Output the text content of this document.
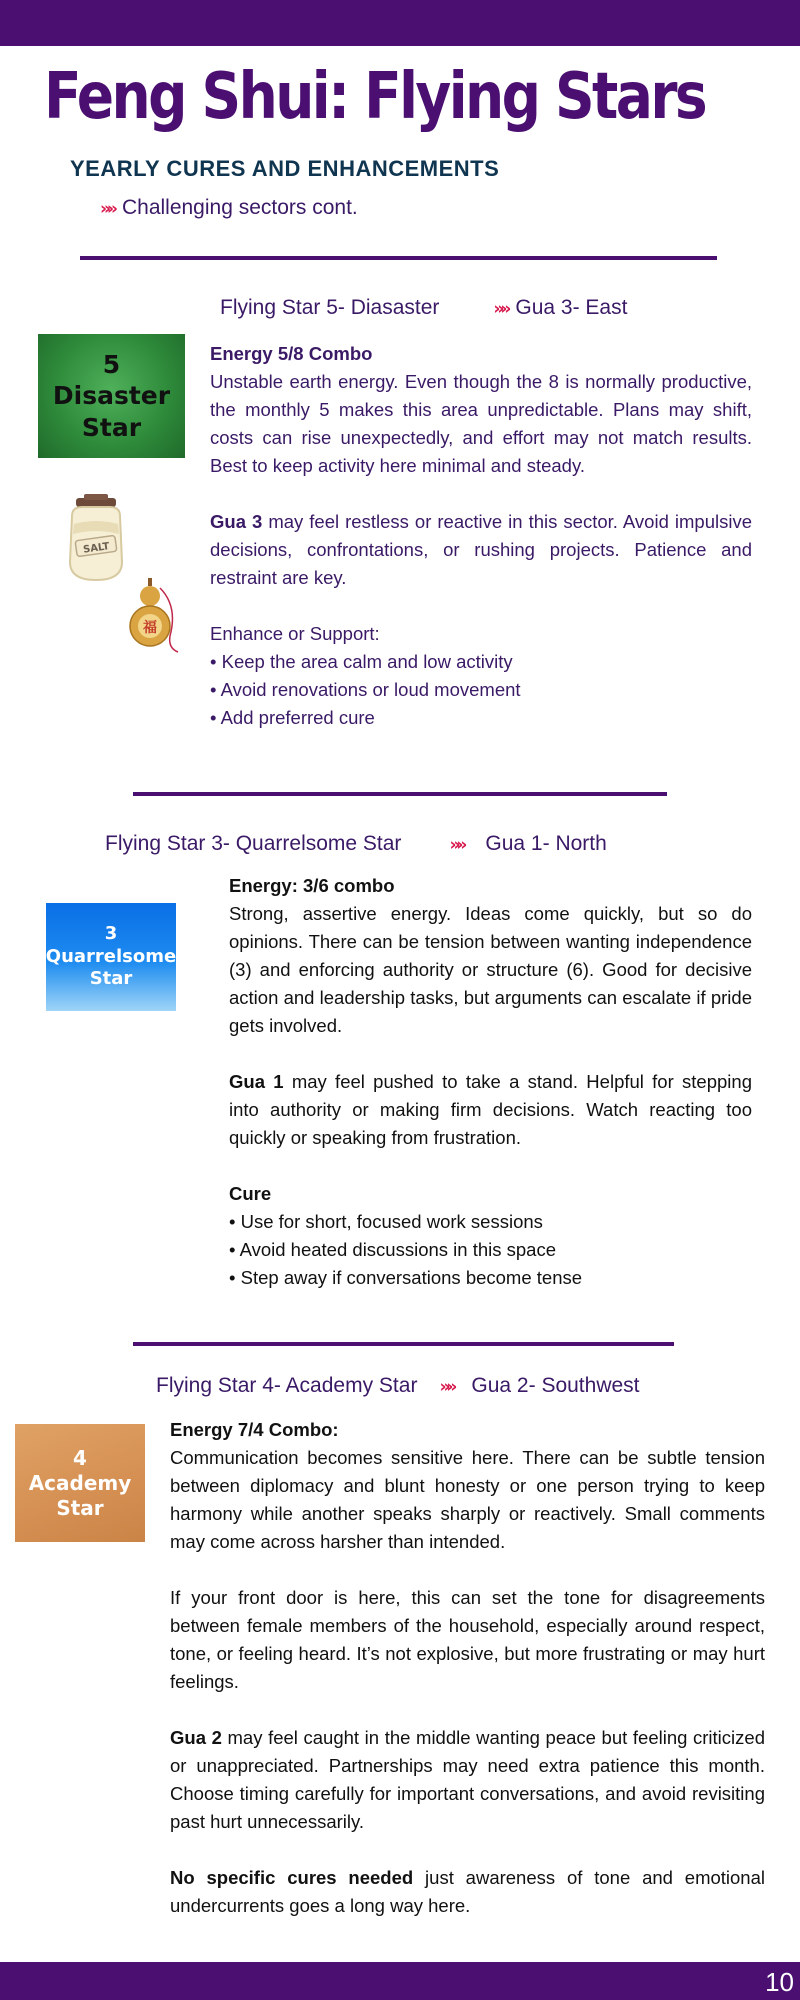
Feng Shui: Flying Stars
YEARLY CURES AND ENHANCEMENTS
»» Challenging sectors cont.
Flying Star 5- Diasaster	»» Gua 3- East
5
Disaster
Star
SALT
福
Energy 5/8 Combo

Unstable earth energy. Even though the 8 is normally productive, the monthly 5 makes this area unpredictable. Plans may shift, costs can rise unexpectedly, and effort may not match results. Best to keep activity here minimal and steady.

Gua 3 may feel restless or reactive in this sector. Avoid impulsive decisions, confrontations, or rushing projects. Patience and restraint are key.

Enhance or Support:
• Keep the area calm and low activity
• Avoid renovations or loud movement
• Add preferred cure
Flying Star 3- Quarrelsome Star	»» Gua 1- North
3
Quarrelsome
Star
Energy: 3/6 combo

Strong, assertive energy. Ideas come quickly, but so do opinions. There can be tension between wanting independence (3) and enforcing authority or structure (6). Good for decisive action and leadership tasks, but arguments can escalate if pride gets involved.

Gua 1 may feel pushed to take a stand. Helpful for stepping into authority or making firm decisions. Watch reacting too quickly or speaking from frustration.

Cure
• Use for short, focused work sessions
• Avoid heated discussions in this space
• Step away if conversations become tense
Flying Star 4- Academy Star »» Gua 2- Southwest
4
Academy
Star
Energy 7/4 Combo:

Communication becomes sensitive here. There can be subtle tension between diplomacy and blunt honesty or one person trying to keep harmony while another speaks sharply or reactively. Small comments may come across harsher than intended.

If your front door is here, this can set the tone for disagreements between female members of the household, especially around respect, tone, or feeling heard. It’s not explosive, but more frustrating or may hurt feelings.

Gua 2 may feel caught in the middle wanting peace but feeling criticized or unappreciated. Partnerships may need extra patience this month. Choose timing carefully for important conversations, and avoid revisiting past hurt unnecessarily.

No specific cures needed just awareness of tone and emotional undercurrents goes a long way here.

10
